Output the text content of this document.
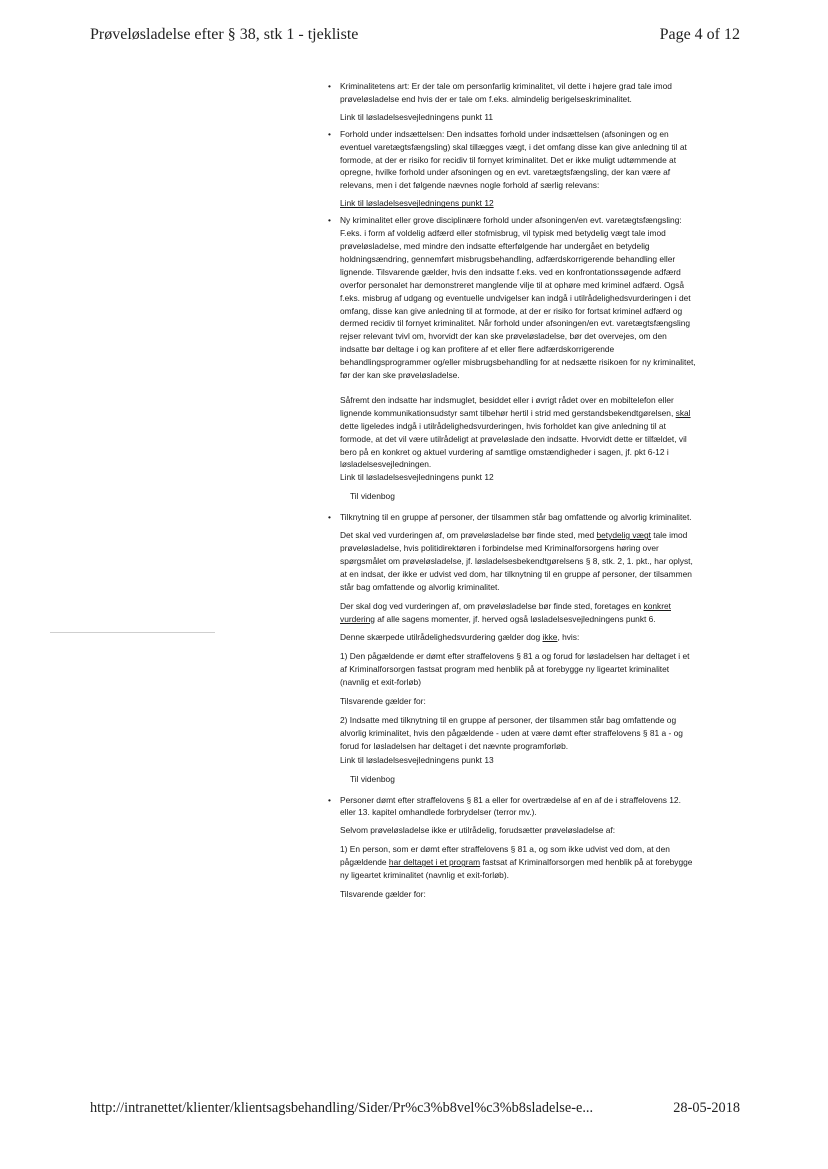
Prøveløsladelse efter § 38, stk 1 - tjekliste	Page 4 of 12
• Kriminalitetens art: Er der tale om personfarlig kriminalitet, vil dette i højere grad tale imod prøveløsladelse end hvis der er tale om f.eks. almindelig berigelseskriminalitet.
Link til løsladelsesvejledningens punkt 11
• Forhold under indsættelsen: Den indsattes forhold under indsættelsen (afsoningen og en eventuel varetægtsfængsling) skal tillægges vægt, i det omfang disse kan give anledning til at formode, at der er risiko for recidiv til fornyet kriminalitet. Det er ikke muligt udtømmende at opregne, hvilke forhold under afsoningen og en evt. varetægtsfængsling, der kan være af relevans, men i det følgende nævnes nogle forhold af særlig relevans:
Link til løsladelsesvejledningens punkt 12
• Ny kriminalitet eller grove disciplinære forhold under afsoningen/en evt. varetægtsfængsling: F.eks. i form af voldelig adfærd eller stofmisbrug, vil typisk med betydelig vægt tale imod prøveløsladelse, med mindre den indsatte efterfølgende har undergået en betydelig holdningsændring, gennemført misbrugsbehandling, adfærdskorrigerende behandling eller lignende. Tilsvarende gælder, hvis den indsatte f.eks. ved en konfrontationssøgende adfærd overfor personalet har demonstreret manglende vilje til at ophøre med kriminel adfærd. Også f.eks. misbrug af udgang og eventuelle undvigelser kan indgå i utilrådelighedsvurderingen i det omfang, disse kan give anledning til at formode, at der er risiko for fortsat kriminel adfærd og dermed recidiv til fornyet kriminalitet. Når forhold under afsoningen/en evt. varetægtsfængsling rejser relevant tvivl om, hvorvidt der kan ske prøveløsladelse, bør det overvejes, om den indsatte bør deltage i og kan profitere af et eller flere adfærdskorrigerende behandlingsprogrammer og/eller misbrugsbehandling for at nedsætte risikoen for ny kriminalitet, før der kan ske prøveløsladelse.
Såfremt den indsatte har indsmuglet, besiddet eller i øvrigt rådet over en mobiltelefon eller lignende kommunikationsudstyr samt tilbehør hertil i strid med gerstandsbekendtgørelsen, skal dette ligeledes indgå i utilrådelighedsvurderingen, hvis forholdet kan give anledning til at formode, at det vil være utilrådeligt at prøveløslade den indsatte. Hvorvidt dette er tilfældet, vil bero på en konkret og aktuel vurdering af samtlige omstændigheder i sagen, jf. pkt 6-12 i løsladelsesvejledningen.
Link til løsladelsesvejledningens punkt 12
Til videnbog
• Tilknytning til en gruppe af personer, der tilsammen står bag omfattende og alvorlig kriminalitet.
Det skal ved vurderingen af, om prøveløsladelse bør finde sted, med betydelig vægt tale imod prøveløsladelse, hvis politidirektøren i forbindelse med Kriminalforsorgens høring over spørgsmålet om prøveløsladelse, jf. løsladelsesbekendtgørelsens § 8, stk. 2, 1. pkt., har oplyst, at en indsat, der ikke er udvist ved dom, har tilknytning til en gruppe af personer, der tilsammen står bag omfattende og alvorlig kriminalitet.
Der skal dog ved vurderingen af, om prøveløsladelse bør finde sted, foretages en konkret vurdering af alle sagens momenter, jf. herved også løsladelsesvejledningens punkt 6.
Denne skærpede utilrådelighedsvurdering gælder dog ikke, hvis:
1) Den pågældende er dømt efter straffelovens § 81 a og forud for løsladelsen har deltaget i et af Kriminalforsorgen fastsat program med henblik på at forebygge ny ligeartet kriminalitet (navnlig et exit-forløb)
Tilsvarende gælder for:
2) Indsatte med tilknytning til en gruppe af personer, der tilsammen står bag omfattende og alvorlig kriminalitet, hvis den pågældende - uden at være dømt efter straffelovens § 81 a - og forud for løsladelsen har deltaget i det nævnte programforløb.
Link til løsladelsesvejledningens punkt 13
Til videnbog
• Personer dømt efter straffelovens § 81 a eller for overtrædelse af en af de i straffelovens 12. eller 13. kapitel omhandlede forbrydelser (terror mv.).
Selvom prøveløsladelse ikke er utilrådelig, forudsætter prøveløsladelse af:
1) En person, som er dømt efter straffelovens § 81 a, og som ikke udvist ved dom, at den pågældende har deltaget i et program fastsat af Kriminalforsorgen med henblik på at forebygge ny ligeartet kriminalitet (navnlig et exit-forløb).
Tilsvarende gælder for:
http://intranettet/klienter/klientsagsbehandling/Sider/Pr%c3%b8vel%c3%b8sladelse-e...	28-05-2018
